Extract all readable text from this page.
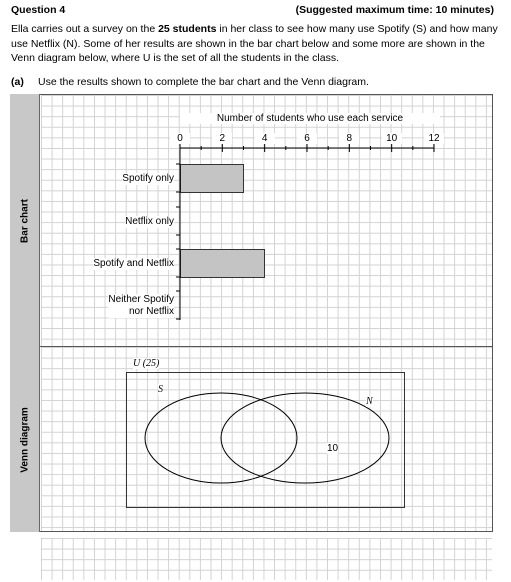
Question 4	(Suggested maximum time: 10 minutes)
Ella carries out a survey on the 25 students in her class to see how many use Spotify (S) and how many use Netflix (N). Some of her results are shown in the bar chart below and some more are shown in the Venn diagram below, where U is the set of all the students in the class.
(a) Use the results shown to complete the bar chart and the Venn diagram.
Bar chart
Venn diagram
Number of students who use each service
0	2	4	6	8	10	12
Spotify only
Netflix only
Spotify and Netflix
Neither Spotify
nor Netflix
U (25)
S
N
10
